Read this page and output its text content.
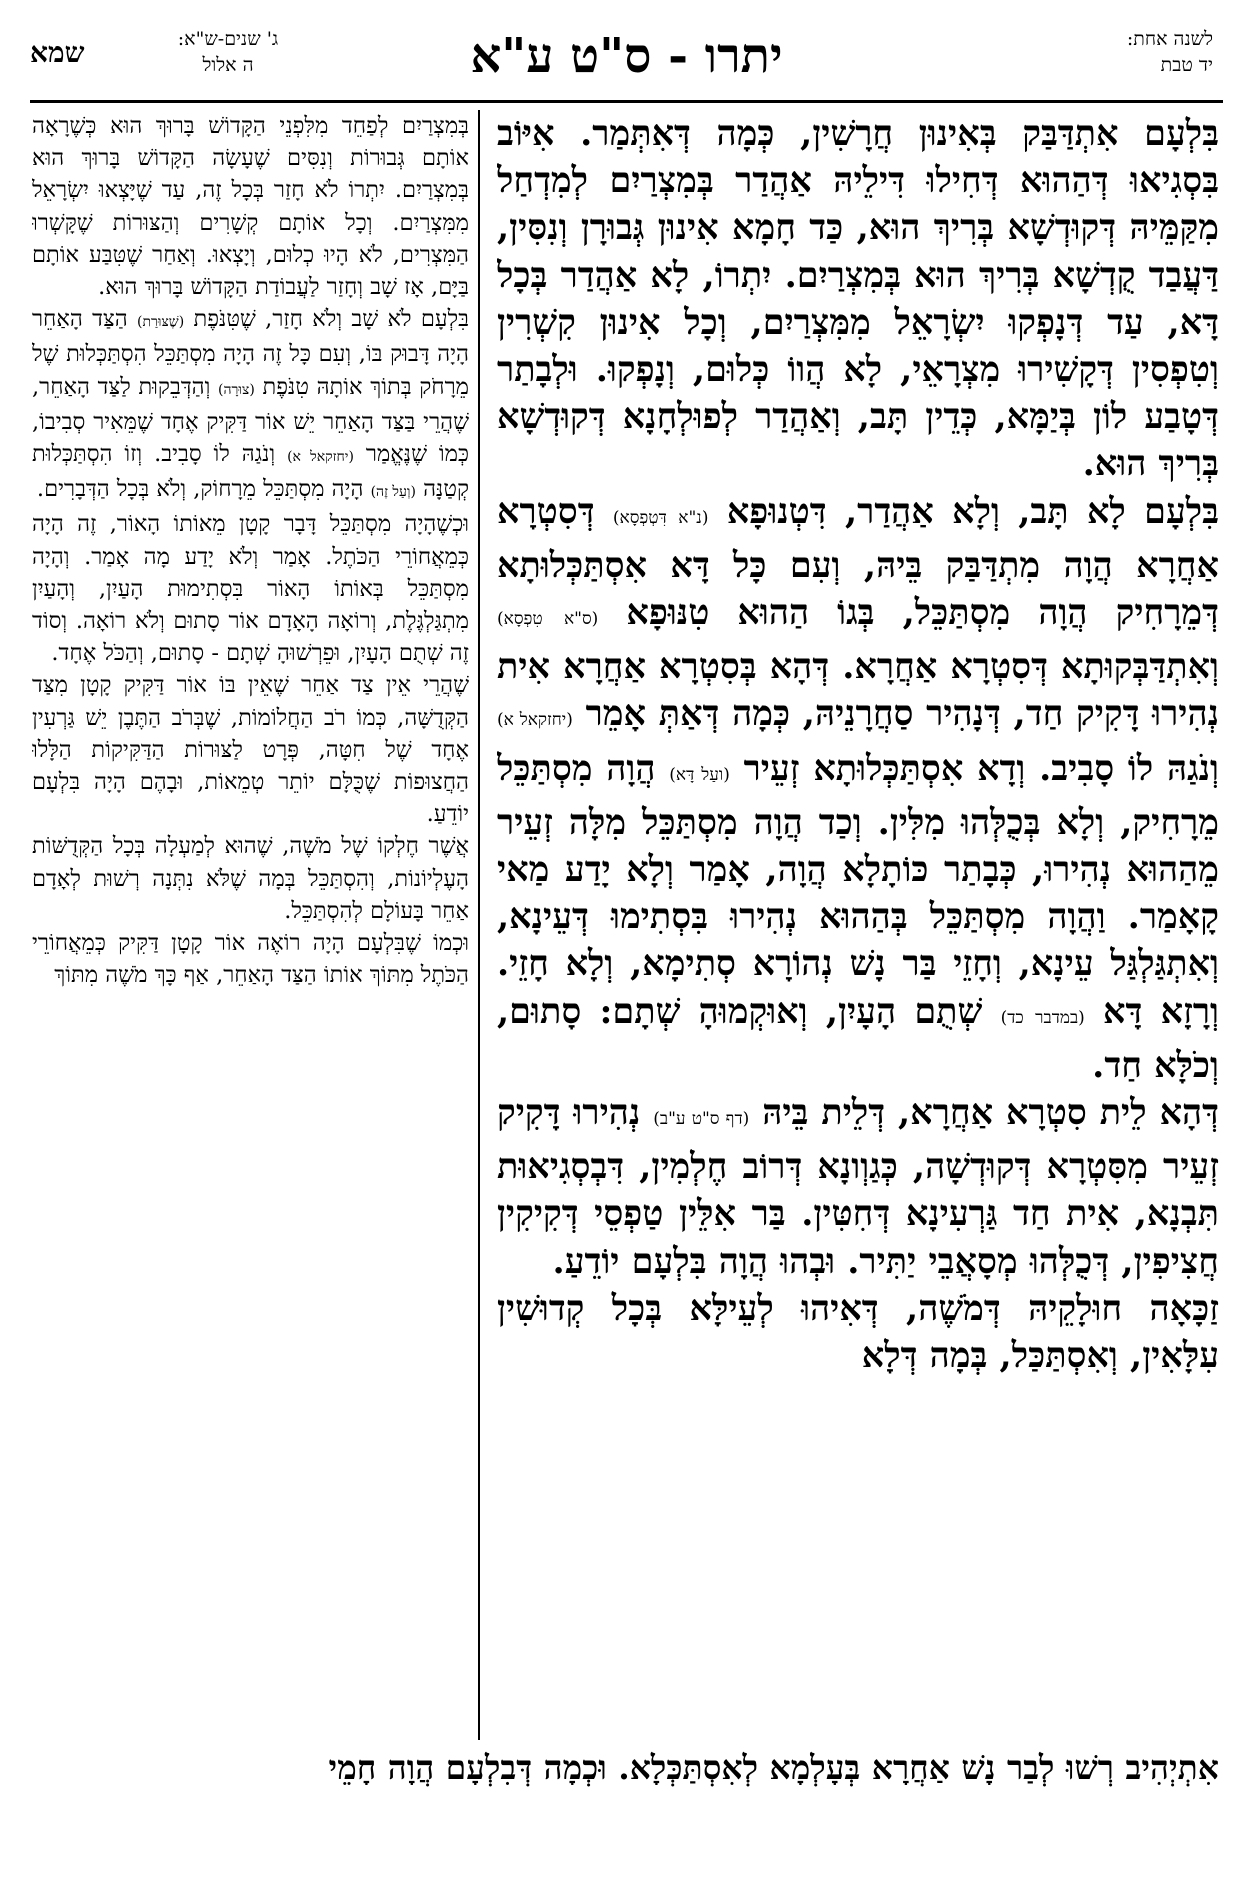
לשנה אחת:
יד טבת
יתרו - ס"ט ע"א
ג' שנים-ש"א:
ה אלול
שמא

בִּלְעָם אִתְדַּבַּק בְּאִינוּן חֲרָשִׁין, כְּמָה דְּאִתְּמַר. אִיּוֹב בִּסְגִיאוּ דְּהַהוּא דְּחִילוּ דִּילֵיהּ אַהֲדַר בְּמִצְרַיִם לְמִדְחַל מִקַּמֵּיהּ דְּקוּדְשָׁא בְּרִיךְ הוּא, כַּד חָמָא אִינוּן גְּבוּרָן וְנִסִּין, דַּעֲבַד קֻדְשָׁא בְּרִיךְ הוּא בְּמִצְרַיִם. יִתְרוֹ, לָא אַהֲדַר בְּכָל דָּא, עַד דְּנָפְקוּ יִשְׂרָאֵל מִמִּצְרַיִם, וְכָל אִינוּן קִשְׁרִין וְטִפְסִין דְּקָשִׁירוּ מִצְרָאֵי, לָא הֲווֹ כְּלוּם, וְנָפְקוּ. וּלְבָתַר דְּטָבַע לוֹן בְּיַמָּא, כְּדֵין תָּב, וְאַהֲדַר לְפוּלְחָנָא דְּקוּדְשָׁא בְּרִיךְ הוּא.

בִּלְעָם לָא תָּב, וְלָא אַהֲדַר, דִּטְנוּפָא (נ"א דִּטְפְסָא) דְּסִטְרָא אַחֲרָא הֲוָה מִתְדַּבַּק בֵּיהּ, וְעִם כָּל דָּא אִסְתַּכְּלוּתָא דְּמֵרָחִיק הֲוָה מִסְתַּכֵּל, בְּגוֹ הַהוּא טִנּוּפָא (ס"א טִפְסָא) וְאִתְדַּבְּקוּתָא דְּסִטְרָא אַחֲרָא. דְּהָא בְּסִטְרָא אַחֲרָא אִית נְהִירוּ דָּקִיק חַד, דְּנָהִיר סַחֲרָנֵיהּ, כְּמָה דְּאַתְּ אָמֵר (יחזקאל א) וְנֹגַהּ לוֹ סָבִיב. וְדָא אִסְתַּכְּלוּתָא זְעֵיר (ועַל דָּא) הֲוָה מִסְתַּכֵּל מֵרָחִיק, וְלָא בְּכֻלְּהוּ מִלִּין. וְכַד הֲוָה מִסְתַּכֵּל מִלָּה זְעֵיר מֵהַהוּא נְהִירוּ, כְּבָתַר כּוֹתָלָא הֲוָה, אָמַר וְלָא יָדַע מַאי קָאָמַר. וַהֲוָה מִסְתַּכֵּל בְּהַהוּא נְהִירוּ בִּסְתִימוּ דְּעֵינָא, וְאִתְגַּלְגַּל עֵינָא, וְחָזֵי בַּר נָשׁ נְהוֹרָא סְתִימָא, וְלָא חָזֵי. וְרָזָא דָּא (במדבר כד) שְׁתֻם הָעָיִן, וְאוּקְמוּהָ שְׁתָם: סָתוּם, וְכֹלָּא חַד.

דְּהָא לֵית סִטְרָא אַחֲרָא, דְּלֵית בֵּיהּ (דף ס"ט ע"ב) נְהִירוּ דָּקִיק זְעֵיר מִסִּטְרָא דְּקוּדְשָׁה, כְּגַוְונָא דְּרוֹב חֶלְמִין, דִּבְסְגִיאוּת תִּבְנָא, אִית חַד גַּרְעִינָא דְּחִטִּין. בַּר אִלֵּין טַפְסֵי דְּקִיקִין חֲצִיפִין, דְּכֻלְּהוּ מְסָאֲבֵי יַתִּיר. וּבְהוּ הֲוָה בִּלְעָם יוֹדֵעַ.

זַכָּאָה חוּלָקֵיהּ דְּמֹשֶׁה, דְּאִיהוּ לְעֵילָּא בְּכָל קְדוּשִׁין עִלָּאִין, וְאִסְתַּכַּל, בְּמָה דְּלָא

בְּמִצְרַיִם לְפַחֵד מִלִּפְנֵי הַקָּדוֹשׁ בָּרוּךְ הוּא כְּשֶׁרָאָה אוֹתָם גְּבוּרוֹת וְנִסִּים שֶׁעָשָׂה הַקָּדוֹשׁ בָּרוּךְ הוּא בְּמִצְרַיִם. יִתְרוֹ לֹא חָזַר בְּכָל זֶה, עַד שֶׁיָּצְאוּ יִשְׂרָאֵל מִמִּצְרַיִם. וְכָל אוֹתָם קְשָׁרִים וְהַצּוּרוֹת שֶׁקָּשְׁרוּ הַמִּצְרִים, לֹא הָיוּ כְלוּם, וְיָצְאוּ. וְאַחַר שֶׁטִּבַּע אוֹתָם בַּיָּם, אָז שָׁב וְחָזַר לַעֲבוֹדַת הַקָּדוֹשׁ בָּרוּךְ הוּא.

בִּלְעָם לֹא שָׁב וְלֹא חָזַר, שֶׁטִּנֹּפֶת (שֶׁצּוּרַת) הַצַּד הָאַחֵר הָיָה דָּבוּק בּוֹ, וְעִם כָּל זֶה הָיָה מִסְתַּכֵּל הִסְתַּכְּלוּת שֶׁל מֵרָחֹק בְּתוֹךְ אוֹתָהּ טִנֹּפֶת (צוּרָה) וְהַדְּבֵקוּת לַצַּד הָאַחֵר, שֶׁהֲרֵי בַּצַּד הָאַחֵר יֵשׁ אוֹר דַּקִּיק אֶחָד שֶׁמֵּאִיר סְבִיבוֹ, כְּמוֹ שֶׁנֶּאֱמַר (יחזקאל א) וְנֹגַהּ לוֹ סָבִיב. וְזוֹ הִסְתַּכְּלוּת קְטַנָּה (וְעַל זֶה) הָיָה מִסְתַּכֵּל מֵרָחוֹק, וְלֹא בְּכָל הַדְּבָרִים.

וּכְשֶׁהָיָה מִסְתַּכֵּל דָּבָר קָטָן מֵאוֹתוֹ הָאוֹר, זֶה הָיָה כְּמֵאֲחוֹרֵי הַכֹּתֶל. אָמַר וְלֹא יָדַע מָה אָמַר. וְהָיָה מִסְתַּכֵּל בְּאוֹתוֹ הָאוֹר בִּסְתִימוּת הָעַיִן, וְהָעַיִן מִתְגַּלְגֶּלֶת, וְרוֹאָה הָאָדָם אוֹר סָתוּם וְלֹא רוֹאָה. וְסוֹד זֶה שְׁתֻם הָעָיִן, וּפֵרְשׁוּהָ שְׁתָם - סָתוּם, וְהַכֹּל אֶחָד.

שֶׁהֲרֵי אֵין צַד אַחֵר שֶׁאֵין בּוֹ אוֹר דַּקִּיק קָטָן מִצַּד הַקְּדֻשָּׁה, כְּמוֹ רֹב הַחֲלוֹמוֹת, שֶׁבְּרֹב הַתֶּבֶן יֵשׁ גַּרְעִין אֶחָד שֶׁל חִטָּה, פְּרָט לַצּוּרוֹת הַדַּקִּיקוֹת הַלָּלוּ הַחֲצוּפוֹת שֶׁכֻּלָּם יוֹתֵר טְמֵאוֹת, וּבָהֶם הָיָה בִּלְעָם יוֹדֵעַ.

אֲשֶׁר חֶלְקוֹ שֶׁל מֹשֶׁה, שֶׁהוּא לְמַעְלָה בְּכָל הַקְּדֻשּׁוֹת הָעֶלְיוֹנוֹת, וְהִסְתַּכֵּל בְּמָה שֶׁלֹּא נִתְּנָה רְשׁוּת לְאָדָם אַחֵר בָּעוֹלָם לְהִסְתַּכֵּל.

וּכְמוֹ שֶׁבִּלְעָם הָיָה רוֹאֶה אוֹר קָטָן דַּקִּיק כְּמֵאֲחוֹרֵי הַכֹּתֶל מִתּוֹךְ אוֹתוֹ הַצַּד הָאַחֵר, אַף כָּךְ מֹשֶׁה מִתּוֹךְ

אִתְיְהִיב רְשׁוּ לְבַר נָשׁ אַחֲרָא בְּעָלְמָא לְאִסְתַּכְּלָא. וּכְמָה דְּבִלְעָם הֲוָה חָמֵי
